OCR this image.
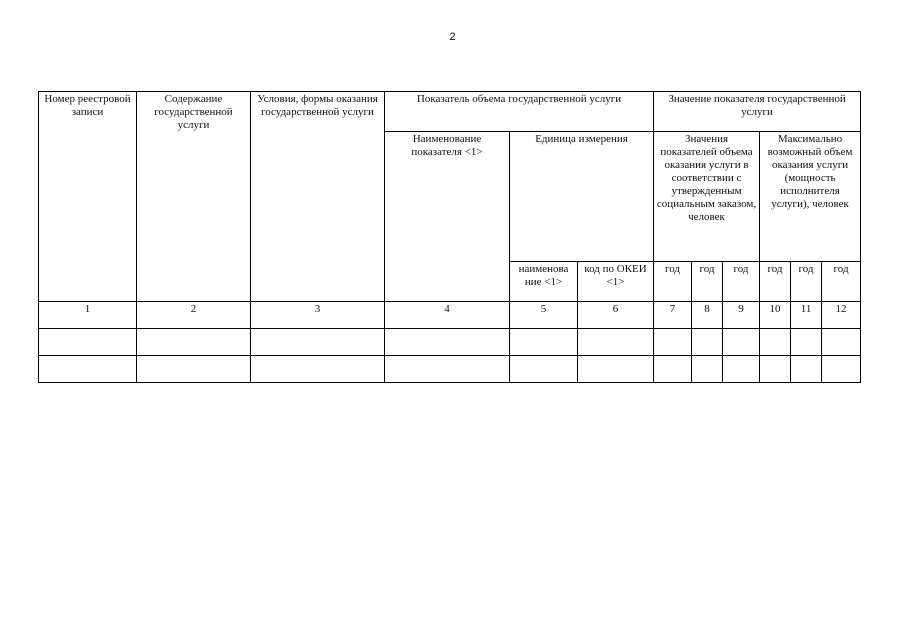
2
Номер реестровой записи	Содержание государственной услуги	Условия, формы оказания государственной услуги	Показатель объема государственной услуги			Значение показателя государственной услуги					
			Наименование показателя <1>	Единица измерения		Значения показателей объема оказания услуги в соответствии с утвержденным социальным заказом, человек			Максимально возможный объем оказания услуги (мощность исполнителя услуги), человек		
				наименова ние <1>	код по ОКЕИ <1>	год	год	год	год	год	год
1	2	3	4	5	6	7	8	9	10	11	12
